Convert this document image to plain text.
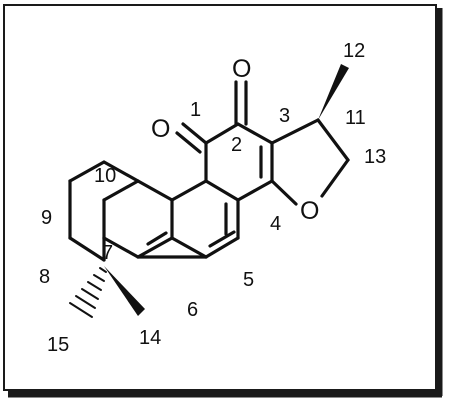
O
O
O
1
2
3
4
5
6
7
8
9
10
11
12
13
14
15
